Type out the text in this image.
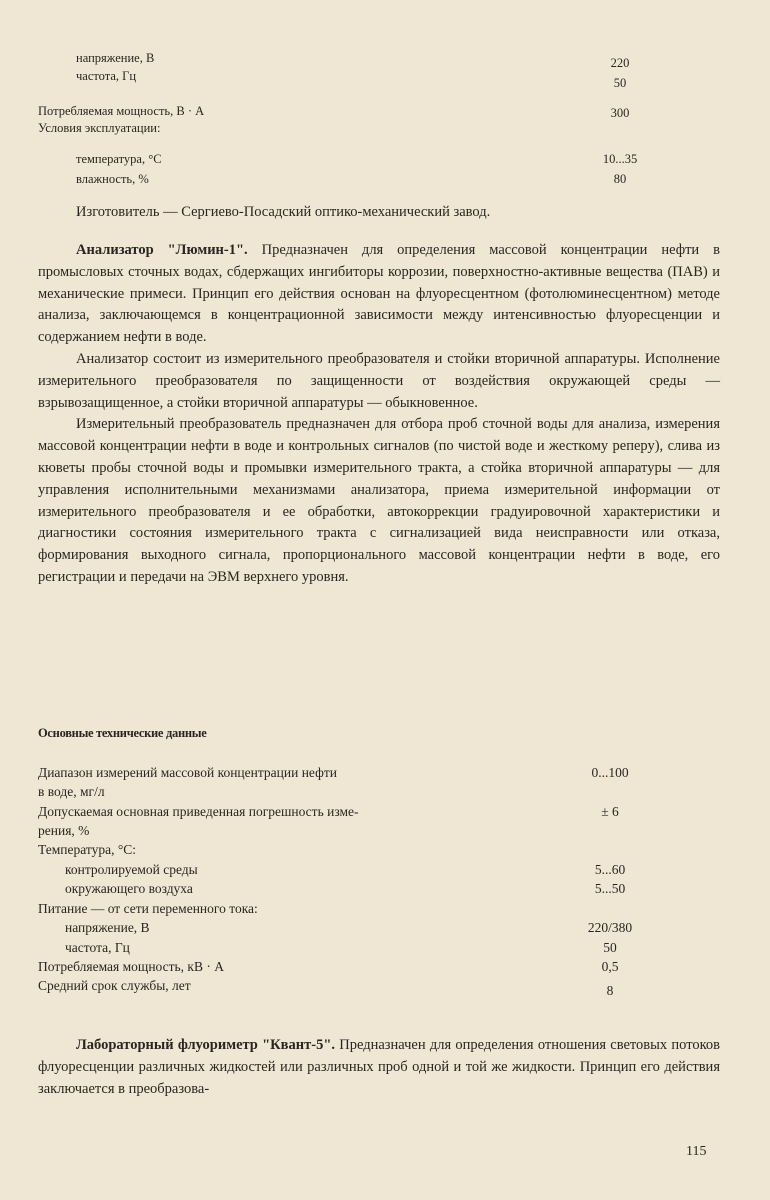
напряжение, В	220
частота, Гц	50
Потребляемая мощность, В · А	300
Условия эксплуатации:
температура, °С	10...35
влажность, %	80
Изготовитель — Сергиево-Посадский оптико-механический завод.

Анализатор "Люмин-1". Предназначен для определения массовой концентрации нефти в промысловых сточных водах, сбдержащих ингибиторы коррозии, поверхностно-активные вещества (ПАВ) и механические примеси. Принцип его действия основан на флуоресцентном (фотолюминесцентном) методе анализа, заключающемся в концентрационной зависимости между интенсивностью флуоресценции и содержанием нефти в воде.

Анализатор состоит из измерительного преобразователя и стойки вторичной аппаратуры. Исполнение измерительного преобразователя по защищенности от воздействия окружающей среды — взрывозащищенное, а стойки вторичной аппаратуры — обыкновенное.

Измерительный преобразователь предназначен для отбора проб сточной воды для анализа, измерения массовой концентрации нефти в воде и контрольных сигналов (по чистой воде и жесткому реперу), слива из кюветы пробы сточной воды и промывки измерительного тракта, а стойка вторичной аппаратуры — для управления исполнительными механизмами анализатора, приема измерительной информации от измерительного преобразователя и ее обработки, автокоррекции градуировочной характеристики и диагностики состояния измерительного тракта с сигнализацией вида неисправности или отказа, формирования выходного сигнала, пропорционального массовой концентрации нефти в воде, его регистрации и передачи на ЭВМ верхнего уровня.

Основные технические данные
Диапазон измерений массовой концентрации нефти	0...100
в воде, мг/л
Допускаемая основная приведенная погрешность изме-	± 6
рения, %
Температура, °С:
контролируемой среды	5...60
окружающего воздуха	5...50
Питание — от сети переменного тока:
напряжение, В	220/380
частота, Гц	50
Потребляемая мощность, кВ · А	0,5
Средний срок службы, лет	8

Лабораторный флуориметр "Квант-5". Предназначен для определения отношения световых потоков флуоресценции различных жидкостей или различных проб одной и той же жидкости. Принцип его действия заключается в преобразова-

115
